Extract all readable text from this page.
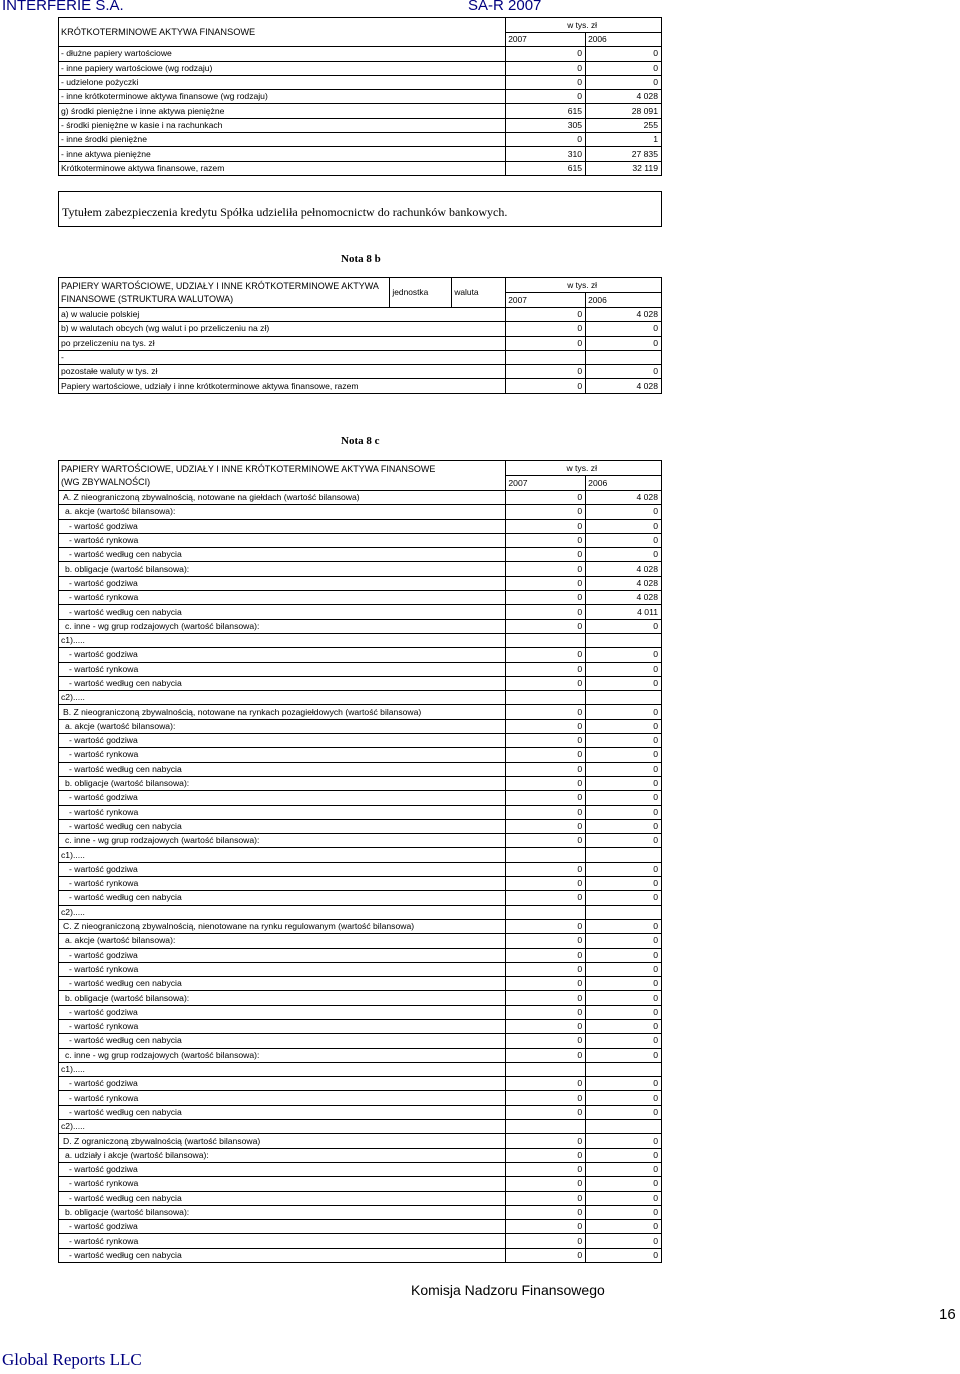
INTERFERIE S.A.	SA-R 2007
KRÓTKOTERMINOWE AKTYWA FINANSOWE	w tys. zł	
	2007	2006
- dłużne papiery wartościowe	0	0
- inne papiery wartościowe (wg rodzaju)	0	0
- udzielone pożyczki	0	0
- inne krótkoterminowe aktywa finansowe (wg rodzaju)	0	4 028
g) środki pieniężne i inne aktywa pieniężne	615	28 091
- środki pieniężne w kasie i na rachunkach	305	255
- inne środki pieniężne	0	1
- inne aktywa pieniężne	310	27 835
Krótkoterminowe aktywa finansowe, razem	615	32 119
Tytułem zabezpieczenia kredytu Spółka udzieliła pełnomocnictw do rachunków bankowych.
Nota 8 b
PAPIERY WARTOŚCIOWE, UDZIAŁY I INNE KRÓTKOTERMINOWE AKTYWA FINANSOWE (STRUKTURA WALUTOWA)	jednostka	waluta	w tys. zł	
			2007	2006
a) w walucie polskiej			0	4 028
b) w walutach obcych (wg walut i po przeliczeniu na zł)			0	0
po przeliczeniu na tys. zł			0	0
-				
pozostałe waluty w tys. zł			0	0
Papiery wartościowe, udziały i inne krótkoterminowe aktywa finansowe, razem			0	4 028
Nota 8 c
PAPIERY WARTOŚCIOWE, UDZIAŁY I INNE KRÓTKOTERMINOWE AKTYWA FINANSOWE
(WG ZBYWALNOŚCI)	w tys. zł	
	2007	2006
A. Z nieograniczoną zbywalnością, notowane na giełdach (wartość bilansowa)	0	4 028
a. akcje (wartość bilansowa):	0	0
- wartość godziwa	0	0
- wartość rynkowa	0	0
- wartość według cen nabycia	0	0
b. obligacje (wartość bilansowa):	0	4 028
- wartość godziwa	0	4 028
- wartość rynkowa	0	4 028
- wartość według cen nabycia	0	4 011
c. inne - wg grup rodzajowych (wartość bilansowa):	0	0
c1).....		
- wartość godziwa	0	0
- wartość rynkowa	0	0
- wartość według cen nabycia	0	0
c2).....		
B. Z nieograniczoną zbywalnością, notowane na rynkach pozagiełdowych (wartość bilansowa)	0	0
a. akcje (wartość bilansowa):	0	0
- wartość godziwa	0	0
- wartość rynkowa	0	0
- wartość według cen nabycia	0	0
b. obligacje (wartość bilansowa):	0	0
- wartość godziwa	0	0
- wartość rynkowa	0	0
- wartość według cen nabycia	0	0
c. inne - wg grup rodzajowych (wartość bilansowa):	0	0
c1).....		
- wartość godziwa	0	0
- wartość rynkowa	0	0
- wartość według cen nabycia	0	0
c2).....		
C. Z nieograniczoną zbywalnością, nienotowane na rynku regulowanym (wartość bilansowa)	0	0
a. akcje (wartość bilansowa):	0	0
- wartość godziwa	0	0
- wartość rynkowa	0	0
- wartość według cen nabycia	0	0
b. obligacje (wartość bilansowa):	0	0
- wartość godziwa	0	0
- wartość rynkowa	0	0
- wartość według cen nabycia	0	0
c. inne - wg grup rodzajowych (wartość bilansowa):	0	0
c1).....		
- wartość godziwa	0	0
- wartość rynkowa	0	0
- wartość według cen nabycia	0	0
c2).....		
D. Z ograniczoną zbywalnością (wartość bilansowa)	0	0
a. udziały i akcje (wartość bilansowa):	0	0
- wartość godziwa	0	0
- wartość rynkowa	0	0
- wartość według cen nabycia	0	0
b. obligacje (wartość bilansowa):	0	0
- wartość godziwa	0	0
- wartość rynkowa	0	0
- wartość według cen nabycia	0	0
Komisja Nadzoru Finansowego
16
Global Reports LLC
